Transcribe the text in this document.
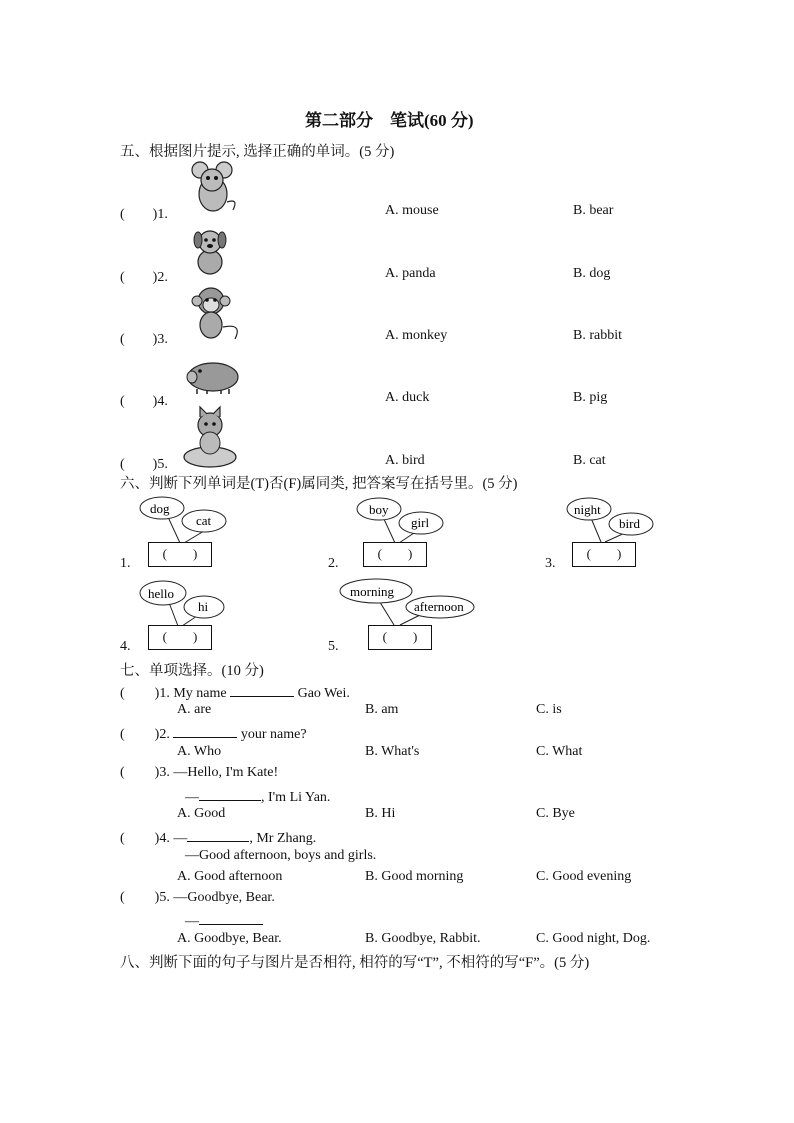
第二部分　笔试(60 分)
五、根据图片提示, 选择正确的单词。(5 分)
(　　)1.	A. mouse	B. bear
(　　)2.	A. panda	B. dog
(　　)3.	A. monkey	B. rabbit
(　　)4.	A. duck	B. pig
(　　)5.	A. bird	B. cat
六、判断下列单词是(T)否(F)属同类, 把答案写在括号里。(5 分)
dog
cat
(　　)
1.
boy
girl
(　　)
2.
night
bird
(　　)
3.
hello
hi
(　　)
4.
morning
afternoon
(　　)
5.
七、单项选择。(10 分)
( )1. My name	Gao Wei.
A. are	B. am	C. is
( )2.	your name?
A. Who	B. What's	C. What
( )3. —Hello, I'm Kate!
—	, I'm Li Yan.
A. Good	B. Hi	C. Bye
( )4. —	, Mr Zhang.
—Good afternoon, boys and girls.
A. Good afternoon	B. Good morning	C. Good evening
( )5. —Goodbye, Bear.
—
A. Goodbye, Bear.	B. Goodbye, Rabbit.	C. Good night, Dog.
八、判断下面的句子与图片是否相符, 相符的写“T”, 不相符的写“F”。(5 分)
